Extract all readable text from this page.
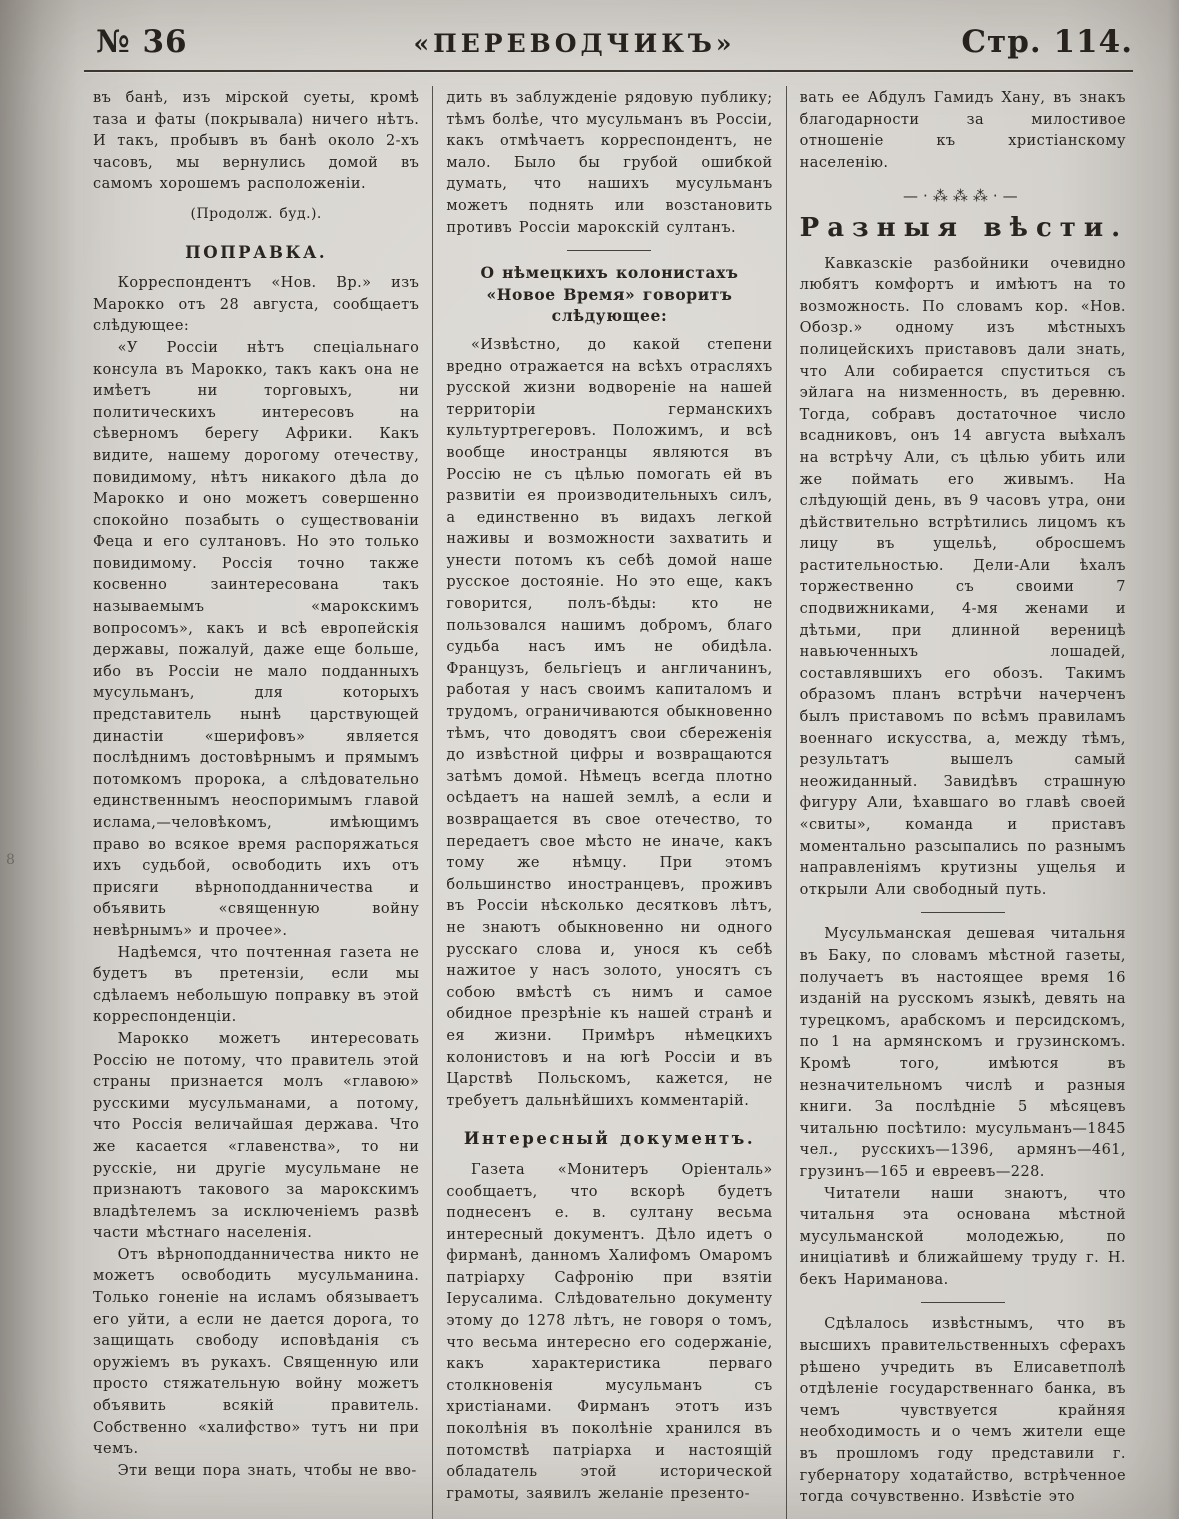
8
№ 36	«ПЕРЕВОДЧИКЪ»	Стр. 114.

въ банѣ, изъ мірской суеты, кромѣ таза и фаты (покрывала) ничего нѣтъ. И такъ, пробывъ въ банѣ около 2-хъ часовъ, мы вернулись домой въ самомъ хорошемъ расположеніи.

(Продолж. буд.).

ПОПРАВКА.

Корреспондентъ «Нов. Вр.» изъ Марокко отъ 28 августа, сообщаетъ слѣдующее:

«У Россіи нѣтъ спеціальнаго консула въ Марокко, такъ какъ она не имѣетъ ни торговыхъ, ни политическихъ интересовъ на сѣверномъ берегу Африки. Какъ видите, нашему дорогому отечеству, повидимому, нѣтъ никакого дѣла до Марокко и оно можетъ совершенно спокойно позабыть о существованіи Феца и его султановъ. Но это только повидимому. Россія точно также косвенно заинтересована такъ называемымъ «марокскимъ вопросомъ», какъ и всѣ европейскія державы, пожалуй, даже еще больше, ибо въ Россіи не мало подданныхъ мусульманъ, для которыхъ представитель нынѣ царствующей династіи «шерифовъ» является послѣднимъ достовѣрнымъ и прямымъ потомкомъ пророка, а слѣдовательно единственнымъ неоспоримымъ главой ислама,—человѣкомъ, имѣющимъ право во всякое время распоряжаться ихъ судьбой, освободить ихъ отъ присяги вѣрноподданничества и объявить «священную войну невѣрнымъ» и прочее».

Надѣемся, что почтенная газета не будетъ въ претензіи, если мы сдѣлаемъ небольшую поправку въ этой корреспонденціи.

Марокко можетъ интересовать Россію не потому, что правитель этой страны признается молъ «главою» русскими мусульманами, а потому, что Россія величайшая держава. Что же касается «главенства», то ни русскіе, ни другіе мусульмане не признаютъ такового за марокскимъ владѣтелемъ за исключеніемъ развѣ части мѣстнаго населенія.

Отъ вѣрноподданничества никто не можетъ освободить мусульманина. Только гоненіе на исламъ обязываетъ его уйти, а если не дается дорога, то защищать свободу исповѣданія съ оружіемъ въ рукахъ. Священную или просто стяжательную войну можетъ объявить всякій правитель. Собственно «халифство» тутъ ни при чемъ.

Эти вещи пора знать, чтобы не вво-

дить въ заблужденіе рядовую публику; тѣмъ болѣе, что мусульманъ въ Россіи, какъ отмѣчаетъ корреспондентъ, не мало. Было бы грубой ошибкой думать, что нашихъ мусульманъ можетъ поднять или возстановить противъ Россіи марокскій султанъ.

О нѣмецкихъ колонистахъ «Новое Время» говоритъ слѣдующее:

«Извѣстно, до какой степени вредно отражается на всѣхъ отрасляхъ русской жизни водвореніе на нашей территоріи германскихъ культуртрегеровъ. Положимъ, и всѣ вообще иностранцы являются въ Россію не съ цѣлью помогать ей въ развитіи ея производительныхъ силъ, а единственно въ видахъ легкой наживы и возможности захватить и унести потомъ къ себѣ домой наше русское достояніе. Но это еще, какъ говорится, полъ-бѣды: кто не пользовался нашимъ добромъ, благо судьба насъ имъ не обидѣла. Французъ, бельгіецъ и англичанинъ, работая у насъ своимъ капиталомъ и трудомъ, ограничиваются обыкновенно тѣмъ, что доводятъ свои сбереженія до извѣстной цифры и возвращаются затѣмъ домой. Нѣмецъ всегда плотно осѣдаетъ на нашей землѣ, а если и возвращается въ свое отечество, то передаетъ свое мѣсто не иначе, какъ тому же нѣмцу. При этомъ большинство иностранцевъ, проживъ въ Россіи нѣсколько десятковъ лѣтъ, не знаютъ обыкновенно ни одного русскаго слова и, унося къ себѣ нажитое у насъ золото, уносятъ съ собою вмѣстѣ съ нимъ и самое обидное презрѣніе къ нашей странѣ и ея жизни. Примѣръ нѣмецкихъ колонистовъ и на югѣ Россіи и въ Царствѣ Польскомъ, кажется, не требуетъ дальнѣйшихъ комментарій.

Интересный документъ.

Газета «Монитеръ Оріенталь» сообщаетъ, что вскорѣ будетъ поднесенъ е. в. султану весьма интересный документъ. Дѣло идетъ о фирманѣ, данномъ Халифомъ Омаромъ патріарху Сафронію при взятіи Іерусалима. Слѣдовательно документу этому до 1278 лѣтъ, не говоря о томъ, что весьма интересно его содержаніе, какъ характеристика перваго столкновенія мусульманъ съ христіанами. Фирманъ этотъ изъ поколѣнія въ поколѣніе хранился въ потомствѣ патріарха и настоящій обладатель этой исторической грамоты, заявилъ желаніе презенто-

вать ее Абдулъ Гамидъ Хану, въ знакъ благодарности за милостивое отношеніе къ христіанскому населенію.

—·⁂⁂⁂·—
Разныя вѣсти.

Кавказскіе разбойники очевидно любятъ комфортъ и имѣютъ на то возможность. По словамъ кор. «Нов. Обозр.» одному изъ мѣстныхъ полицейскихъ приставовъ дали знать, что Али собирается спуститься съ эйлага на низменность, въ деревню. Тогда, собравъ достаточное число всадниковъ, онъ 14 августа выѣхалъ на встрѣчу Али, съ цѣлью убить или же поймать его живымъ. На слѣдующій день, въ 9 часовъ утра, они дѣйствительно встрѣтились лицомъ къ лицу въ ущельѣ, обросшемъ растительностью. Дели-Али ѣхалъ торжественно съ своими 7 сподвижниками, 4-мя женами и дѣтьми, при длинной вереницѣ навьюченныхъ лошадей, составлявшихъ его обозъ. Такимъ образомъ планъ встрѣчи начерченъ былъ приставомъ по всѣмъ правиламъ военнаго искусства, а, между тѣмъ, результатъ вышелъ самый неожиданный. Завидѣвъ страшную фигуру Али, ѣхавшаго во главѣ своей «свиты», команда и приставъ моментально разсыпались по разнымъ направленіямъ крутизны ущелья и открыли Али свободный путь.

Мусульманская дешевая читальня въ Баку, по словамъ мѣстной газеты, получаетъ въ настоящее время 16 изданій на русскомъ языкѣ, девять на турецкомъ, арабскомъ и персидскомъ, по 1 на армянскомъ и грузинскомъ. Кромѣ того, имѣются въ незначительномъ числѣ и разныя книги. За послѣдніе 5 мѣсяцевъ читальню посѣтило: мусульманъ—1845 чел., русскихъ—1396, армянъ—461, грузинъ—165 и евреевъ—228.

Читатели наши знаютъ, что читальня эта основана мѣстной мусульманской молодежью, по иниціативѣ и ближайшему труду г. Н. бекъ Нариманова.

Сдѣлалось извѣстнымъ, что въ высшихъ правительственныхъ сферахъ рѣшено учредить въ Елисаветполѣ отдѣленіе государственнаго банка, въ чемъ чувствуется крайняя необходимость и о чемъ жители еще въ прошломъ году представили г. губернатору ходатайство, встрѣченное тогда сочувственно. Извѣстіе это
